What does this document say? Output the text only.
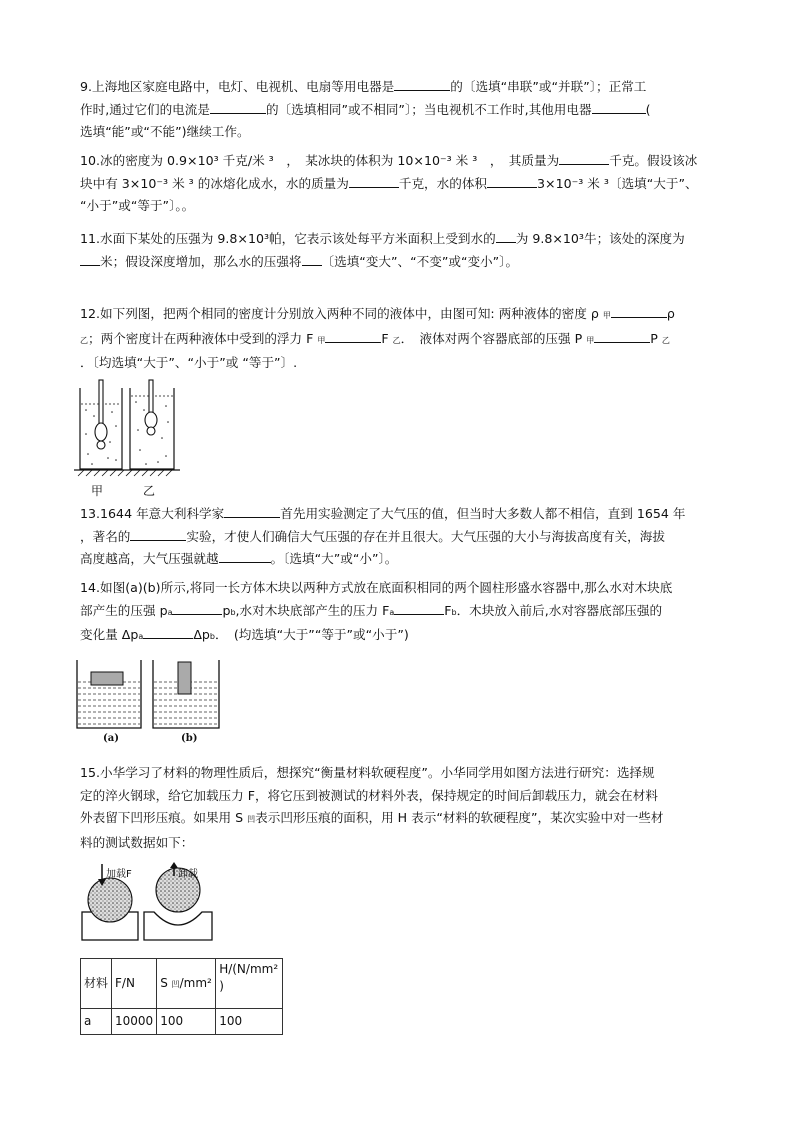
9.上海地区家庭电路中，电灯、电视机、电扇等用电器是	的〔选填“串联”或“并联”〕；正常工
作时,通过它们的电流是	的〔选填相同”或不相同”〕；当电视机不工作时,其他用电器	(
选填“能”或“不能”)继续工作。
10.冰的密度为 0.9×10³ 千克/米 ³　，　某冰块的体积为 10×10⁻³ 米 ³　，　其质量为	千克。假设该冰
块中有 3×10⁻³ 米 ³ 的冰熔化成水，水的质量为	千克，水的体积	3×10⁻³ 米 ³〔选填“大于”、
“小于”或“等于”〕。。
11.水面下某处的压强为 9.8×10³帕，它表示该处每平方米面积上受到水的 为 9.8×10³牛；该处的深度为
米；假设深度增加，那么水的压强将 〔选填“变大”、“不变”或“变小”〕。
12.如下列图，把两个相同的密度计分别放入两种不同的液体中，由图可知: 两种液体的密度 ρ 甲	ρ
乙；两个密度计在两种液体中受到的浮力 F 甲	F 乙．　液体对两个容器底部的压强 P 甲	P 乙
．〔均选填“大于”、“小于”或 “等于”〕.
甲	乙
13.1644 年意大利科学家	首先用实验测定了大气压的值，但当时大多数人都不相信，直到 1654 年
，著名的	实验，才使人们确信大气压强的存在并且很大。大气压强的大小与海拔高度有关，海拔
高度越高，大气压强就越	。〔选填“大”或“小”〕。
14.如图(a)(b)所示,将同一长方体木块以两种方式放在底面积相同的两个圆柱形盛水容器中,那么水对木块底
部产生的压强 pa	pb,水对木块底部产生的压力 Fa	Fb．木块放入前后,水对容器底部压强的
变化量 Δpa	Δpb．　(均选填“大于”“等于”或“小于”)
(a)	(b)
15.小华学习了材料的物理性质后，想探究“衡量材料软硬程度”。小华同学用如图方法进行研究：选择规
定的淬火钢球，给它加载压力 F，将它压到被测试的材料外表，保持规定的时间后卸载压力，就会在材料
外表留下凹形压痕。如果用 S 凹表示凹形压痕的面积，用 H 表示“材料的软硬程度”，某次实验中对一些材
料的测试数据如下：
加载F	卸载
材料	F/N	S 凹/mm²	H/(N/mm²
)

a	10000	100	100
